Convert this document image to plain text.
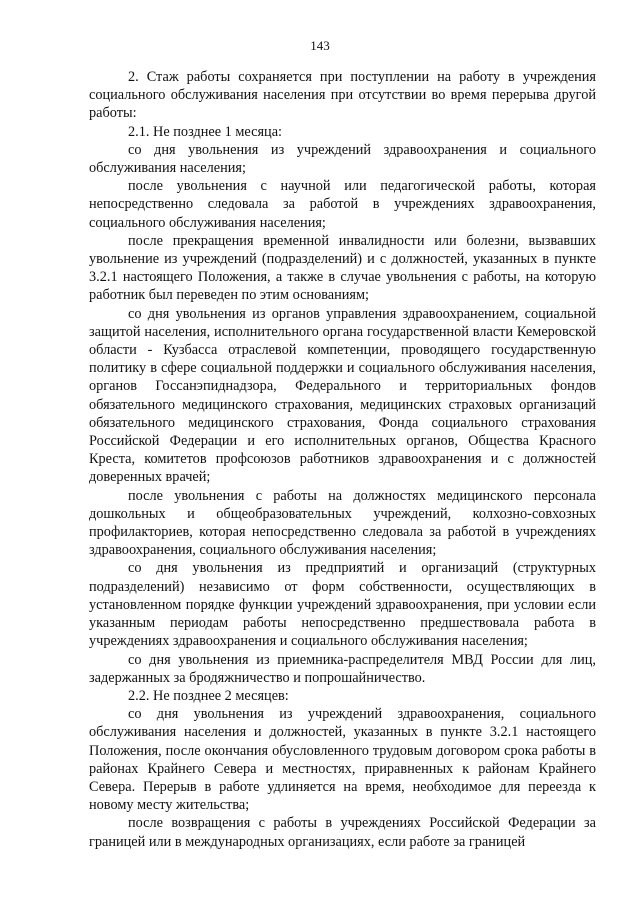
143

2. Стаж работы сохраняется при поступлении на работу в учреждения социального обслуживания населения при отсутствии во время перерыва другой работы:

2.1. Не позднее 1 месяца:

со дня увольнения из учреждений здравоохранения и социального обслуживания населения;

после увольнения с научной или педагогической работы, которая непосредственно следовала за работой в учреждениях здравоохранения, социального обслуживания населения;

после прекращения временной инвалидности или болезни, вызвавших увольнение из учреждений (подразделений) и с должностей, указанных в пункте 3.2.1 настоящего Положения, а также в случае увольнения с работы, на которую работник был переведен по этим основаниям;

со дня увольнения из органов управления здравоохранением, социальной защитой населения, исполнительного органа государственной власти Кемеровской области - Кузбасса отраслевой компетенции, проводящего государственную политику в сфере социальной поддержки и социального обслуживания населения, органов Госсанэпиднадзора, Федерального и территориальных фондов обязательного медицинского страхования, медицинских страховых организаций обязательного медицинского страхования, Фонда социального страхования Российской Федерации и его исполнительных органов, Общества Красного Креста, комитетов профсоюзов работников здравоохранения и с должностей доверенных врачей;

после увольнения с работы на должностях медицинского персонала дошкольных и общеобразовательных учреждений, колхозно-совхозных профилакториев, которая непосредственно следовала за работой в учреждениях здравоохранения, социального обслуживания населения;

со дня увольнения из предприятий и организаций (структурных подразделений) независимо от форм собственности, осуществляющих в установленном порядке функции учреждений здравоохранения, при условии если указанным периодам работы непосредственно предшествовала работа в учреждениях здравоохранения и социального обслуживания населения;

со дня увольнения из приемника-распределителя МВД России для лиц, задержанных за бродяжничество и попрошайничество.

2.2. Не позднее 2 месяцев:

со дня увольнения из учреждений здравоохранения, социального обслуживания населения и должностей, указанных в пункте 3.2.1 настоящего Положения, после окончания обусловленного трудовым договором срока работы в районах Крайнего Севера и местностях, приравненных к районам Крайнего Севера. Перерыв в работе удлиняется на время, необходимое для переезда к новому месту жительства;

после возвращения с работы в учреждениях Российской Федерации за границей или в международных организациях, если работе за границей
